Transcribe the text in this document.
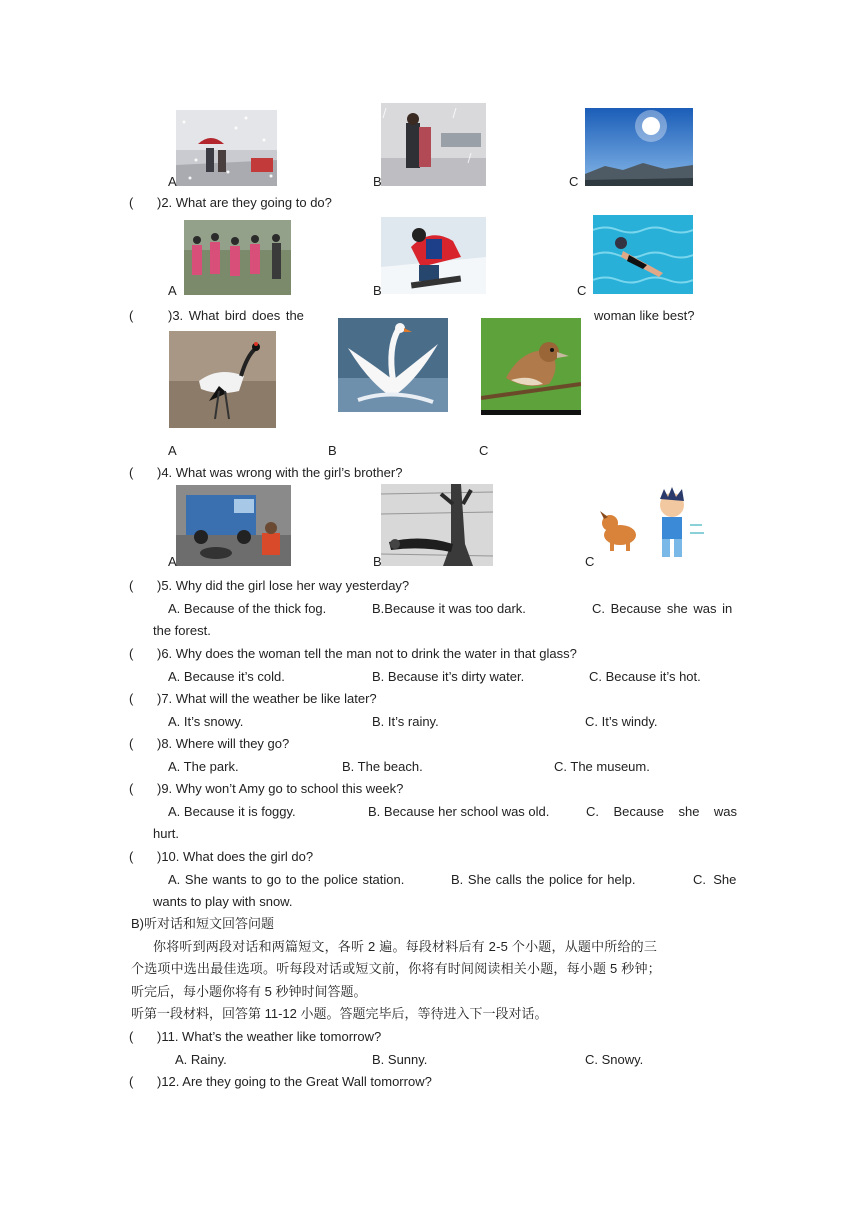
A	B	C
( )2. What are they going to do?
A	B	C
(	)3. What bird does the	woman like best?
A	B	C
( )4. What was wrong with the girl’s brother?
A	B	C
( )5. Why did the girl lose her way yesterday?
A. Because of the thick fog.	B.Because it was too dark.	C. Because she was in
the forest.
( )6. Why does the woman tell the man not to drink the water in that glass?
A. Because it’s cold.	B. Because it’s dirty water.	C. Because it’s hot.
( )7. What will the weather be like later?
A. It’s snowy.	B. It’s rainy.	C. It’s windy.
( )8. Where will they go?
A. The park.	B. The beach.	C. The museum.
( )9. Why won’t Amy go to school this week?
A. Because it is foggy.	B. Because her school was old.	C.    Because    she    was
hurt.
( )10. What does the girl do?
A. She wants to go to the police station.	B. She calls the police for help.	C.  She
wants to play with snow.
B)听对话和短文回答问题
你将听到两段对话和两篇短文，各听 2 遍。每段材料后有 2-5 个小题，从题中所给的三
个选项中选出最佳选项。听每段对话或短文前，你将有时间阅读相关小题，每小题 5 秒钟；
听完后，每小题你将有 5 秒钟时间答题。
听第一段材料，回答第 11-12 小题。答题完毕后，等待进入下一段对话。
( )11. What’s the weather like tomorrow?
A. Rainy.	B. Sunny.	C. Snowy.
( )12. Are they going to the Great Wall tomorrow?
